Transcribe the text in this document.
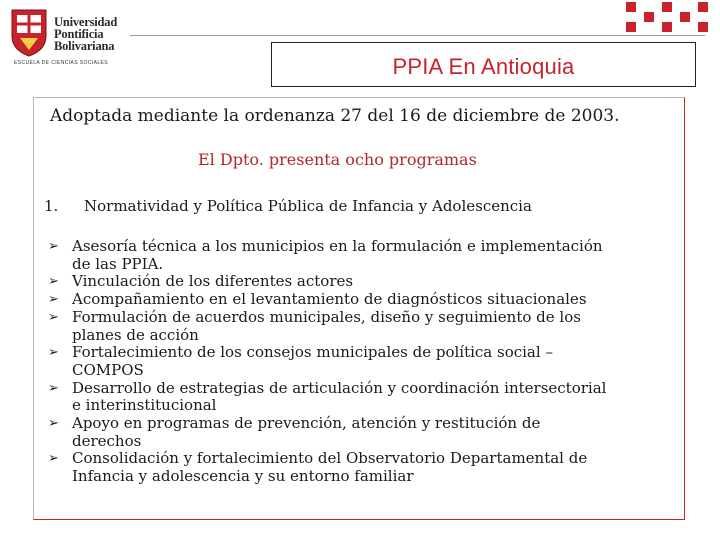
Universidad
Pontificia
Bolivariana
ESCUELA DE CIENCIAS SOCIALES	PPIA En Antioquia
Adoptada mediante la ordenanza 27 del 16 de diciembre de 2003.
El Dpto. presenta ocho programas
1. Normatividad y Política Pública de Infancia y Adolescencia
➢ Asesoría técnica a los municipios en la formulación e implementación
de las PPIA.
➢ Vinculación de los diferentes actores
➢ Acompañamiento en el levantamiento de diagnósticos situacionales
➢ Formulación de acuerdos municipales, diseño y seguimiento de los
planes de acción
➢ Fortalecimiento de los consejos municipales de política social –
COMPOS
➢ Desarrollo de estrategias de articulación y coordinación intersectorial
e interinstitucional
➢ Apoyo en programas de prevención, atención y restitución de
derechos
➢ Consolidación y fortalecimiento del Observatorio Departamental de
Infancia y adolescencia y su entorno familiar
